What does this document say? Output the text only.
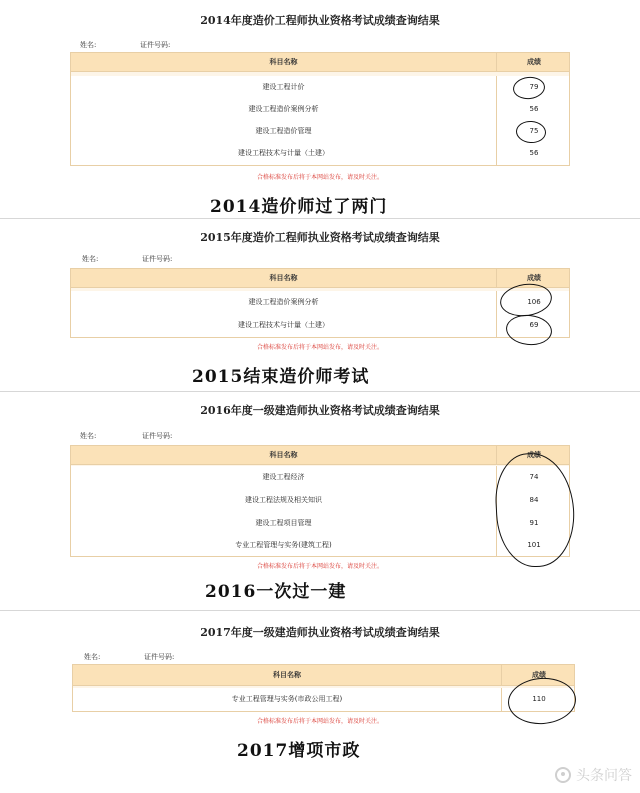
2014年度造价工程师执业资格考试成绩查询结果
姓名:	证件号码:
科目名称	成绩
建设工程计价	79
建设工程造价案例分析	56
建设工程造价管理	75
建设工程技术与计量（土建）	56
合格标准发布后将于本网站发布，请及时关注。
2014造价师过了两门
2015年度造价工程师执业资格考试成绩查询结果
姓名:	证件号码:
科目名称	成绩
建设工程造价案例分析	106
建设工程技术与计量（土建）	69
合格标准发布后将于本网站发布，请及时关注。
2015结束造价师考试
2016年度一级建造师执业资格考试成绩查询结果
姓名:	证件号码:
科目名称	成绩
建设工程经济	74
建设工程法规及相关知识	84
建设工程项目管理	91
专业工程管理与实务(建筑工程)	101
合格标准发布后将于本网站发布，请及时关注。
2016一次过一建
2017年度一级建造师执业资格考试成绩查询结果
姓名:	证件号码:
科目名称	成绩
专业工程管理与实务(市政公用工程)	110
合格标准发布后将于本网站发布，请及时关注。
2017增项市政
头条问答
